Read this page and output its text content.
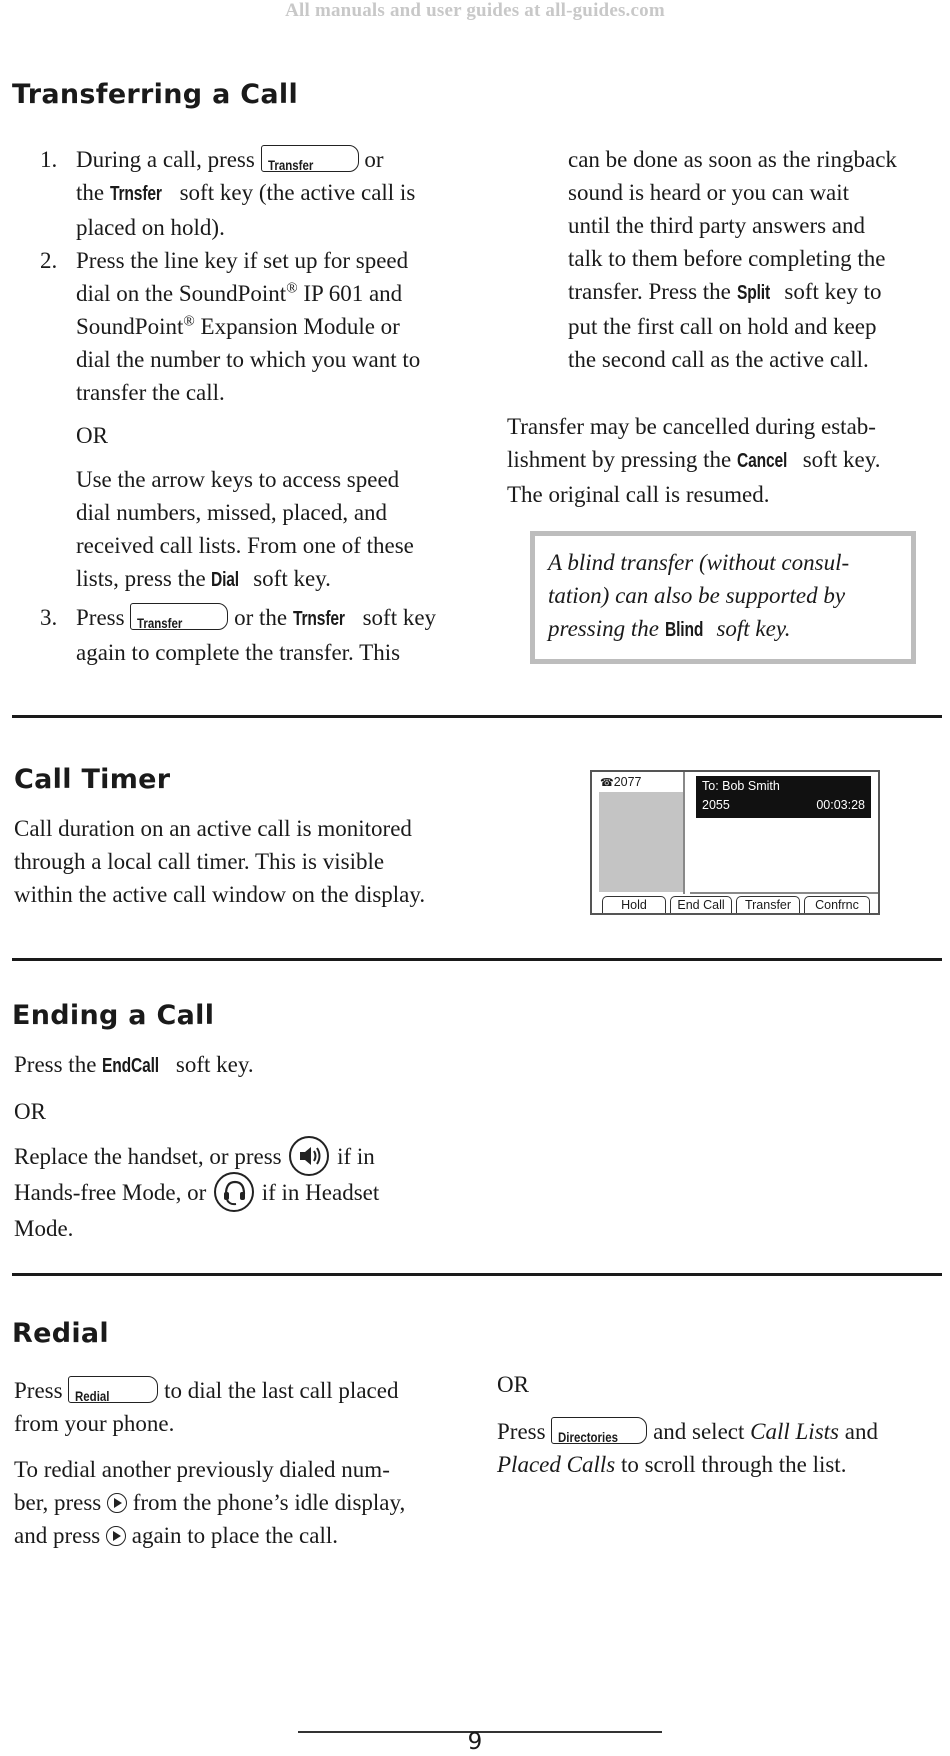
All manuals and user guides at all-guides.com
Transferring a Call
1. During a call, press Transfer or
the Trnsfer soft key (the active call is
placed on hold).
2. Press the line key if set up for speed
dial on the SoundPoint® IP 601 and
SoundPoint® Expansion Module or
dial the number to which you want to
transfer the call.
OR
Use the arrow keys to access speed
dial numbers, missed, placed, and
received call lists. From one of these
lists, press the Dial soft key.
3. Press Transfer or the Trnsfer soft key
again to complete the transfer. This
can be done as soon as the ringback
sound is heard or you can wait
until the third party answers and
talk to them before completing the
transfer. Press the Split soft key to
put the first call on hold and keep
the second call as the active call.
Transfer may be cancelled during estab-
lishment by pressing the Cancel soft key.
The original call is resumed.
A blind transfer (without consul-
tation) can also be supported by
pressing the Blind soft key.
Call Timer
Call duration on an active call is monitored
through a local call timer. This is visible
within the active call window on the display.
☎2077	To: Bob Smith
2055	00:03:28
Hold	End Call	Transfer	Confrnc
Ending a Call
Press the EndCall soft key.
OR
Replace the handset, or press if in
Hands-free Mode, or if in Headset
Mode.
Redial
Press Redial to dial the last call placed
from your phone.
To redial another previously dialed num-
ber, press from the phone’s idle display,
and press again to place the call.
OR
Press Directories and select Call Lists and
Placed Calls to scroll through the list.
9
